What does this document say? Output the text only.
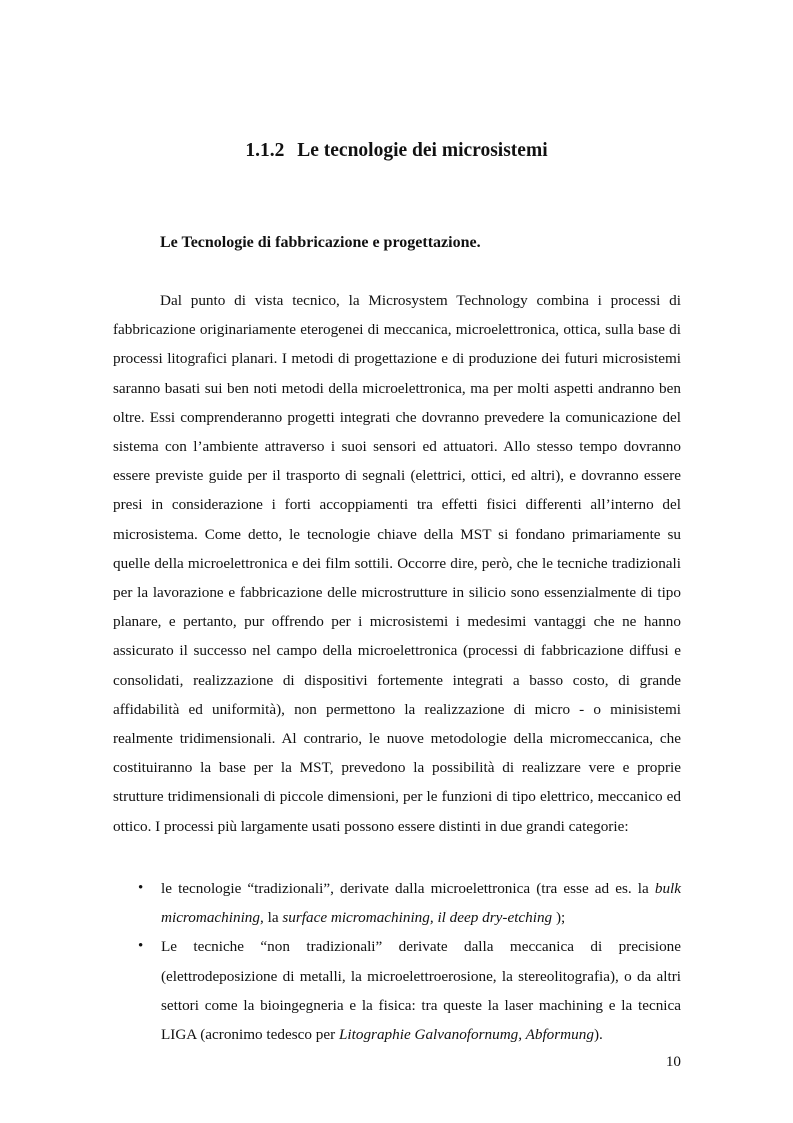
1.1.2 Le tecnologie dei microsistemi
Le Tecnologie di fabbricazione e progettazione.

Dal punto di vista tecnico, la Microsystem Technology combina i processi di fabbricazione originariamente eterogenei di meccanica, microelettronica, ottica, sulla base di processi litografici planari. I metodi di progettazione e di produzione dei futuri microsistemi saranno basati sui ben noti metodi della microelettronica, ma per molti aspetti andranno ben oltre. Essi comprenderanno progetti integrati che dovranno prevedere la comunicazione del sistema con l’ambiente attraverso i suoi sensori ed attuatori. Allo stesso tempo dovranno essere previste guide per il trasporto di segnali (elettrici, ottici, ed altri), e dovranno essere presi in considerazione i forti accoppiamenti tra effetti fisici differenti all’interno del microsistema. Come detto, le tecnologie chiave della MST si fondano primariamente su quelle della microelettronica e dei film sottili. Occorre dire, però, che le tecniche tradizionali per la lavorazione e fabbricazione delle microstrutture in silicio sono essenzialmente di tipo planare, e pertanto, pur offrendo per i microsistemi i medesimi vantaggi che ne hanno assicurato il successo nel campo della microelettronica (processi di fabbricazione diffusi e consolidati, realizzazione di dispositivi fortemente integrati a basso costo, di grande affidabilità ed uniformità), non permettono la realizzazione di micro - o minisistemi realmente tridimensionali. Al contrario, le nuove metodologie della micromeccanica, che costituiranno la base per la MST, prevedono la possibilità di realizzare vere e proprie strutture tridimensionali di piccole dimensioni, per le funzioni di tipo elettrico, meccanico ed ottico. I processi più largamente usati possono essere distinti in due grandi categorie:

• le tecnologie “tradizionali”, derivate dalla microelettronica (tra esse ad es. la bulk micromachining, la surface micromachining, il deep dry-etching );
• Le tecniche “non tradizionali” derivate dalla meccanica di precisione (elettrodeposizione di metalli, la microelettroerosione, la stereolitografia), o da altri settori come la bioingegneria e la fisica: tra queste la laser machining e la tecnica LIGA (acronimo tedesco per Litographie Galvanofornumg, Abformung).

10
